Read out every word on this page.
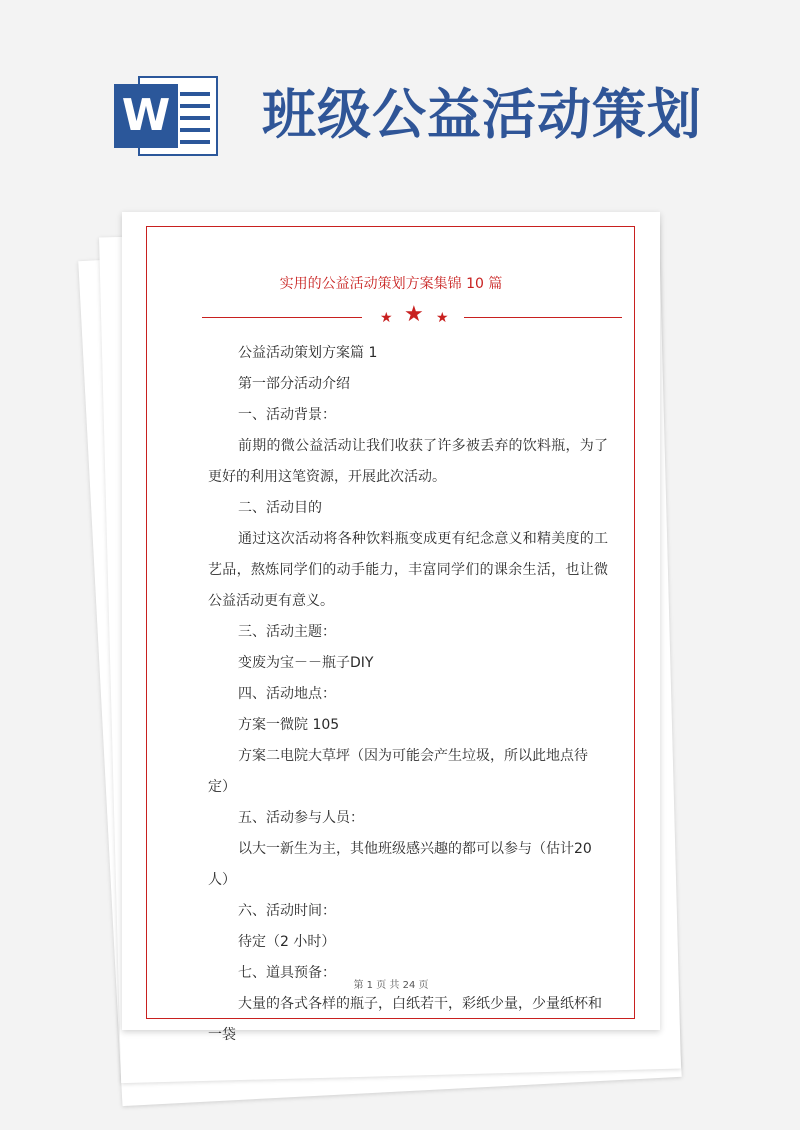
W 班级公益活动策划
实用的公益活动策划方案集锦 10 篇
★ ★ ★

公益活动策划方案篇 1

第一部分活动介绍

一、活动背景：

前期的微公益活动让我们收获了许多被丢弃的饮料瓶，为了更好的利用这笔资源，开展此次活动。

二、活动目的

通过这次活动将各种饮料瓶变成更有纪念意义和精美度的工艺品，熬炼同学们的动手能力，丰富同学们的课余生活，也让微公益活动更有意义。

三、活动主题：

变废为宝－－瓶子DIY

四、活动地点：

方案一微院 105

方案二电院大草坪（因为可能会产生垃圾，所以此地点待定）

五、活动参与人员：

以大一新生为主，其他班级感兴趣的都可以参与（估计20 人）

六、活动时间：

待定（2 小时）

七、道具预备：

大量的各式各样的瓶子，白纸若干，彩纸少量，少量纸杯和一袋

第 1 页 共 24 页
